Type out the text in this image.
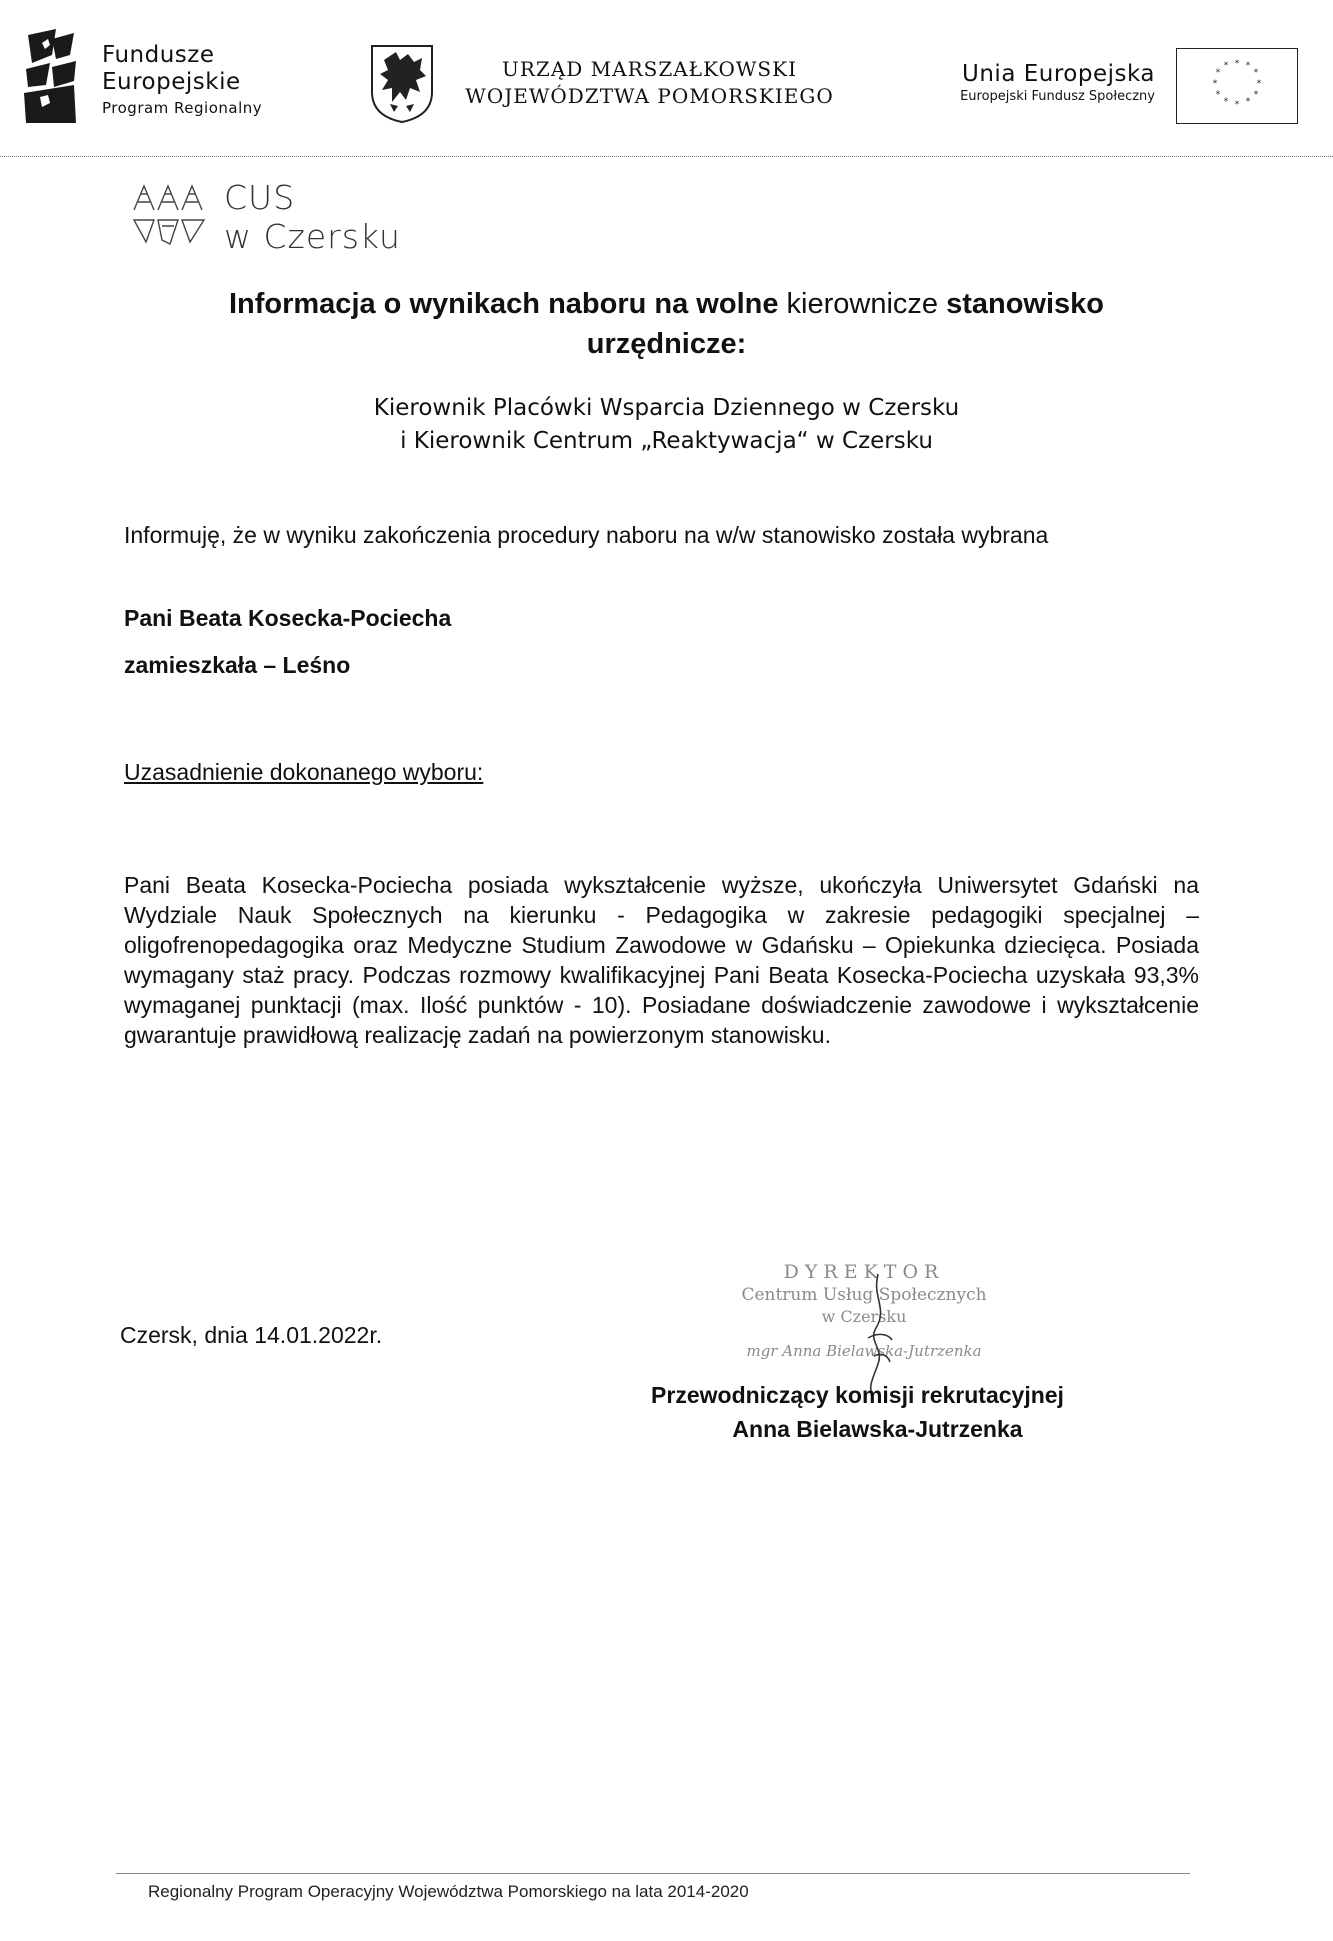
Fundusze
Europejskie
Program Regionalny
URZĄD MARSZAŁKOWSKI
WOJEWÓDZTWA POMORSKIEGO
Unia Europejska
Europejski Fundusz Społeczny
* *
*
*
*
*
*
*
*
*
*
*
CUS
w Czersku
Informacja o wynikach naboru na wolne kierownicze stanowisko
urzędnicze:
Kierownik Placówki Wsparcia Dziennego w Czersku
i Kierownik Centrum „Reaktywacja“ w Czersku
Informuję, że w wyniku zakończenia procedury naboru na w/w stanowisko została wybrana
Pani Beata Kosecka-Pociecha
zamieszkała – Leśno
Uzasadnienie dokonanego wyboru:
Pani Beata Kosecka-Pociecha posiada wykształcenie wyższe, ukończyła Uniwersytet Gdański na Wydziale Nauk Społecznych na kierunku - Pedagogika w zakresie pedagogiki specjalnej – oligofrenopedagogika oraz Medyczne Studium Zawodowe w Gdańsku – Opiekunka dziecięca. Posiada wymagany staż pracy. Podczas rozmowy kwalifikacyjnej Pani Beata Kosecka-Pociecha uzyskała 93,3% wymaganej punktacji (max. Ilość punktów - 10). Posiadane doświadczenie zawodowe i wykształcenie gwarantuje prawidłową realizację zadań na powierzonym stanowisku.
Czersk, dnia 14.01.2022r.
DYREKTOR
Centrum Usług Społecznych
w Czersku
mgr Anna Bielawska-Jutrzenka
Przewodniczący komisji rekrutacyjnej
Anna Bielawska-Jutrzenka
Regionalny Program Operacyjny Województwa Pomorskiego na lata 2014-2020
